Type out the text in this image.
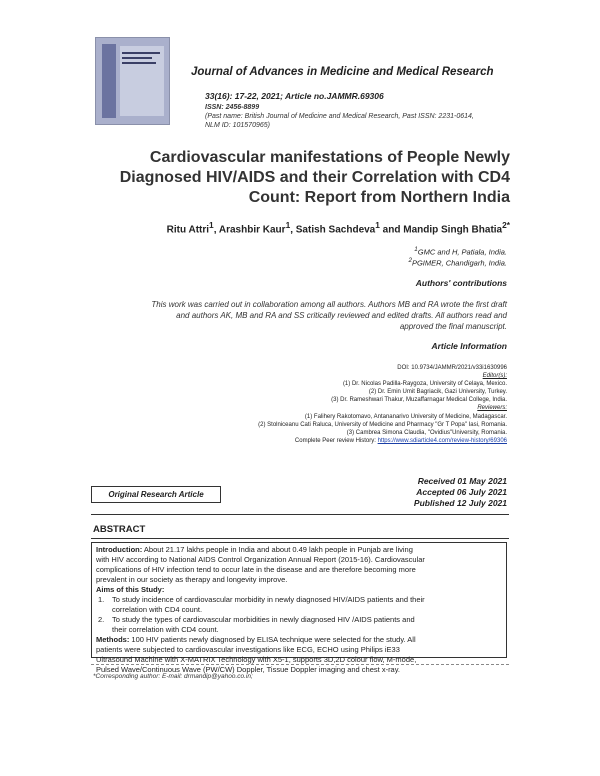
Journal of Advances in Medicine and Medical Research
33(16): 17-22, 2021; Article no.JAMMR.69306
ISSN: 2456-8899
(Past name: British Journal of Medicine and Medical Research, Past ISSN: 2231-0614,
NLM ID: 101570965)
Cardiovascular manifestations of People Newly
Diagnosed HIV/AIDS and their Correlation with CD4
Count: Report from Northern India
Ritu Attri$^1$, Arashbir Kaur$^1$, Satish Sachdeva$^1$ and Mandip Singh Bhatia$^{2*}$
$^1$GMC and H, Patiala, India.
$^2$PGIMER, Chandigarh, India.
Authors' contributions
This work was carried out in collaboration among all authors. Authors MB and RA wrote the first draft
and authors AK, MB and RA and SS critically reviewed and edited drafts. All authors read and
approved the final manuscript.
Article Information
DOI: 10.9734/JAMMR/2021/v33i1630996
Editor(s):
(1) Dr. Nicolas Padilla-Raygoza, University of Celaya, Mexico.
(2) Dr. Emin Umit Bagriacik, Gazi University, Turkey.
(3) Dr. Rameshwari Thakur, Muzaffarnagar Medical College, India.
Reviewers:
(1) Falihery Rakotomavo, Antananarivo University of Medicine, Madagascar.
(2) Stolniceanu Cati Raluca, University of Medicine and Pharmacy "Gr T Popa" Iasi, Romania.
(3) Cambrea Simona Claudia, "Ovidius"University, Romania.
Complete Peer review History: https://www.sdiarticle4.com/review-history/69306
Original Research Article
Received 01 May 2021
Accepted 06 July 2021
Published 12 July 2021
ABSTRACT
Introduction: About 21.17 lakhs people in India and about 0.49 lakh people in Punjab are living
with HIV according to National AIDS Control Organization Annual Report (2015-16). Cardiovascular
complications of HIV infection tend to occur late in the disease and are therefore becoming more
prevalent in our society as therapy and longevity improve.
Aims of this Study:
1. To study incidence of cardiovascular morbidity in newly diagnosed HIV/AIDS patients and their
correlation with CD4 count.
2. To study the types of cardiovascular morbidities in newly diagnosed HIV /AIDS patients and
their correlation with CD4 count.
Methods: 100 HIV patients newly diagnosed by ELISA technique were selected for the study. All
patients were subjected to cardiovascular investigations like ECG, ECHO using Philips iE33
Ultrasound Machine with X-MATRIX Technology with X5-1, supports 3D,2D colour flow, M-mode,
Pulsed Wave/Continuous Wave (PW/CW) Doppler, Tissue Doppler imaging and chest x-ray.
*Corresponding author: E-mail: drmandip@yahoo.co.in;
